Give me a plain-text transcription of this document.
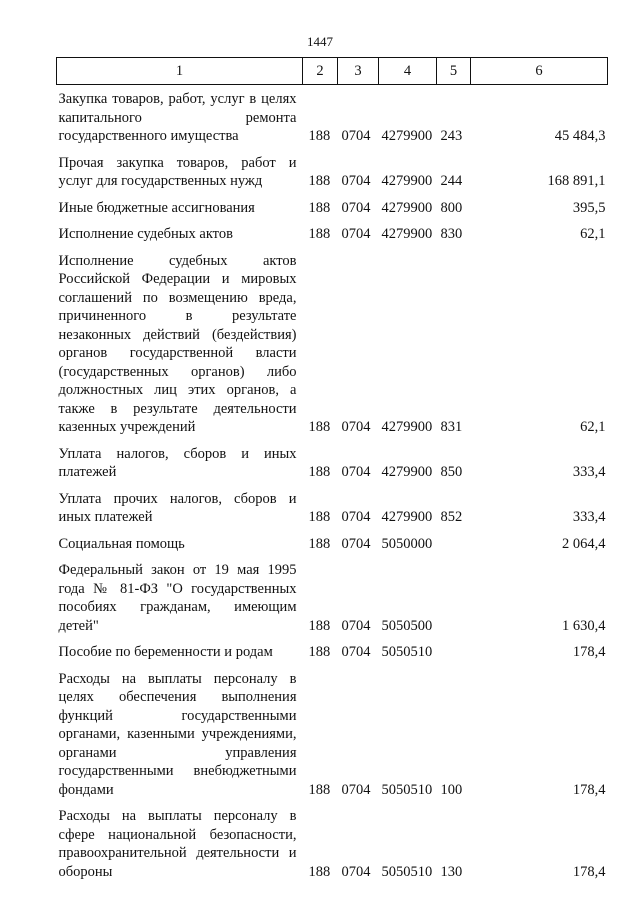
1447
1	2	3	4	5	6
Закупка товаров, работ, услуг в целях капитального ремонта государственного имущества	188	0704	4279900	243	45 484,3
Прочая закупка товаров, работ и услуг для государственных нужд	188	0704	4279900	244	168 891,1
Иные бюджетные ассигнования	188	0704	4279900	800	395,5
Исполнение судебных актов	188	0704	4279900	830	62,1
Исполнение судебных актов Российской Федерации и мировых соглашений по возмещению вреда, причиненного в результате незаконных действий (бездействия) органов государственной власти (государственных органов) либо должностных лиц этих органов, а также в результате деятельности казенных учреждений	188	0704	4279900	831	62,1
Уплата налогов, сборов и иных платежей	188	0704	4279900	850	333,4
Уплата прочих налогов, сборов и иных платежей	188	0704	4279900	852	333,4
Социальная помощь	188	0704	5050000		2 064,4
Федеральный закон от 19 мая 1995 года № 81-ФЗ "О государственных пособиях гражданам, имеющим детей"	188	0704	5050500		1 630,4
Пособие по беременности и родам	188	0704	5050510		178,4
Расходы на выплаты персоналу в целях обеспечения выполнения функций государственными органами, казенными учреждениями, органами управления государственными внебюджетными фондами	188	0704	5050510	100	178,4
Расходы на выплаты персоналу в сфере национальной безопасности, правоохранительной деятельности и обороны	188	0704	5050510	130	178,4
